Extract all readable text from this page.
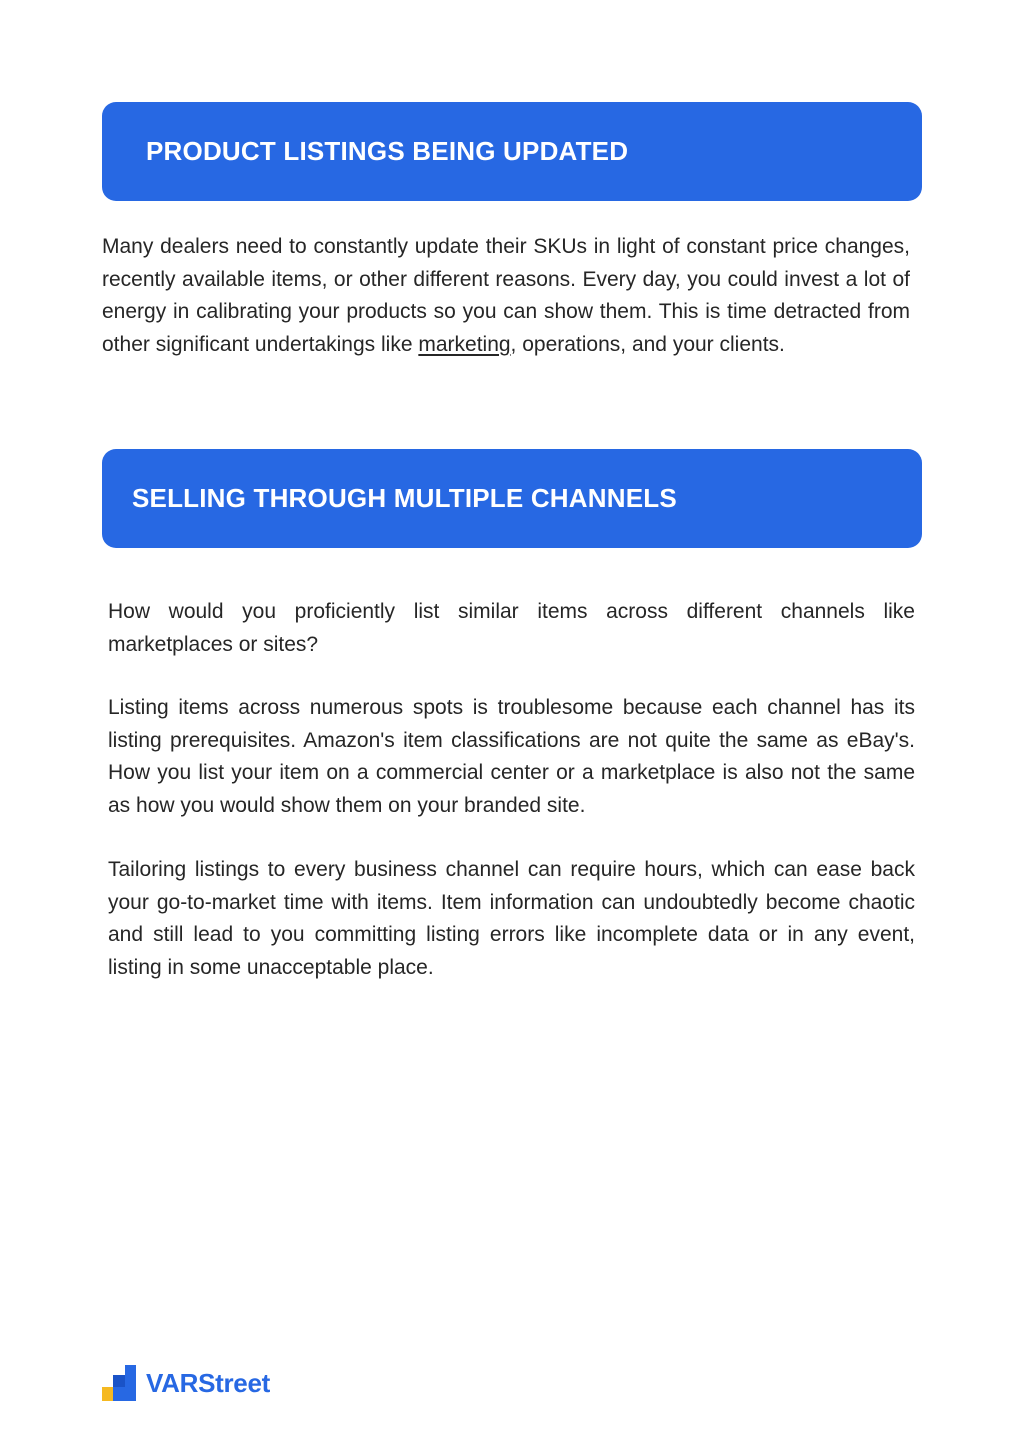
PRODUCT LISTINGS BEING UPDATED

Many dealers need to constantly update their SKUs in light of constant price changes, recently available items, or other different reasons. Every day, you could invest a lot of energy in calibrating your products so you can show them. This is time detracted from other significant undertakings like marketing, operations, and your clients.

SELLING THROUGH MULTIPLE CHANNELS

How would you proficiently list similar items across different channels like marketplaces or sites?

Listing items across numerous spots is troublesome because each channel has its listing prerequisites. Amazon's item classifications are not quite the same as eBay's. How you list your item on a commercial center or a marketplace is also not the same as how you would show them on your branded site.

Tailoring listings to every business channel can require hours, which can ease back your go-to-market time with items. Item information can undoubtedly become chaotic and still lead to you committing listing errors like incomplete data or in any event, listing in some unacceptable place.

VARStreet
